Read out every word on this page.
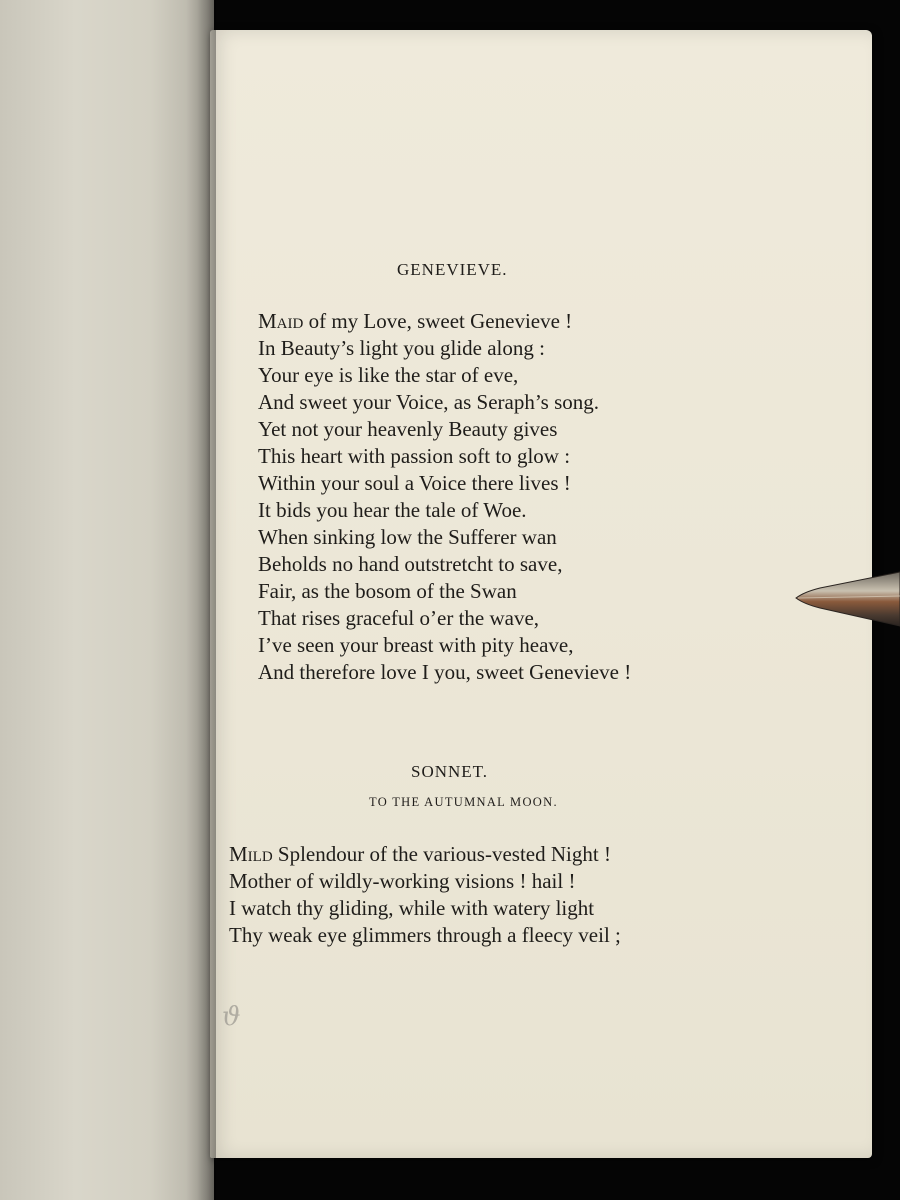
ϑ
GENEVIEVE.
Maid of my Love, sweet Genevieve !
In Beauty’s light you glide along :
Your eye is like the star of eve,
And sweet your Voice, as Seraph’s song.
Yet not your heavenly Beauty gives
This heart with passion soft to glow :
Within your soul a Voice there lives !
It bids you hear the tale of Woe.
When sinking low the Sufferer wan
Beholds no hand outstretcht to save,
Fair, as the bosom of the Swan
That rises graceful o’er the wave,
I’ve seen your breast with pity heave,
And therefore love I you, sweet Genevieve !
SONNET.
TO THE AUTUMNAL MOON.
Mild Splendour of the various-vested Night !
Mother of wildly-working visions ! hail !
I watch thy gliding, while with watery light
Thy weak eye glimmers through a fleecy veil ;
